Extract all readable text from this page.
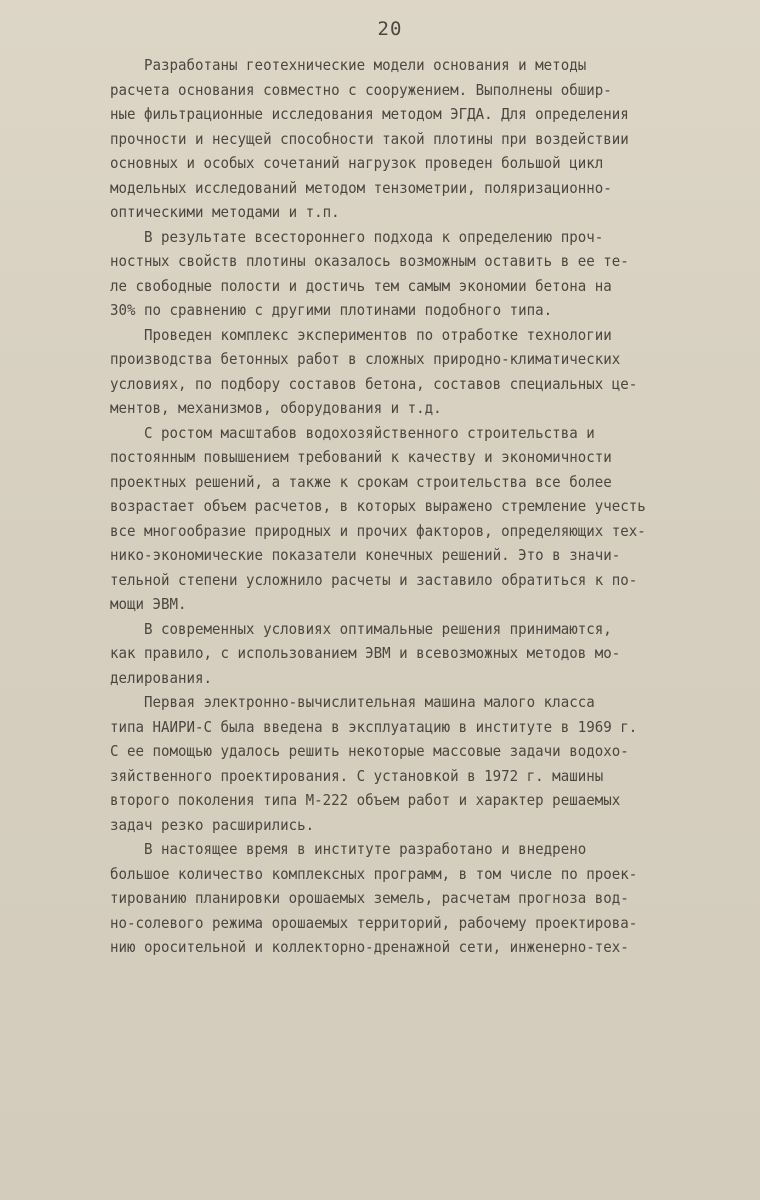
20
Разработаны геотехнические модели основания и методы
расчета основания совместно с сооружением. Выполнены обшир-
ные фильтрационные исследования методом ЭГДА. Для определения
прочности и несущей способности такой плотины при воздействии
основных и особых сочетаний нагрузок проведен большой цикл
модельных исследований методом тензометрии, поляризационно-
оптическими методами и т.п.
В результате всестороннего подхода к определению проч-
ностных свойств плотины оказалось возможным оставить в ее те-
ле свободные полости и достичь тем самым экономии бетона на
30% по сравнению с другими плотинами подобного типа.
Проведен комплекс экспериментов по отработке технологии
производства бетонных работ в сложных природно-климатических
условиях, по подбору составов бетона, составов специальных це-
ментов, механизмов, оборудования и т.д.
С ростом масштабов водохозяйственного строительства и
постоянным повышением требований к качеству и экономичности
проектных решений, а также к срокам строительства все более
возрастает объем расчетов, в которых выражено стремление учесть
все многообразие природных и прочих факторов, определяющих тех-
нико-экономические показатели конечных решений. Это в значи-
тельной степени усложнило расчеты и заставило обратиться к по-
мощи ЭВМ.
В современных условиях оптимальные решения принимаются,
как правило, с использованием ЭВМ и всевозможных методов мо-
делирования.
Первая электронно-вычислительная машина малого класса
типа НАИРИ-С была введена в эксплуатацию в институте в 1969 г.
С ее помощью удалось решить некоторые массовые задачи водохо-
зяйственного проектирования. С установкой в 1972 г. машины
второго поколения типа М-222 объем работ и характер решаемых
задач резко расширились.
В настоящее время в институте разработано и внедрено
большое количество комплексных программ, в том числе по проек-
тированию планировки орошаемых земель, расчетам прогноза вод-
но-солевого режима орошаемых территорий, рабочему проектирова-
нию оросительной и коллекторно-дренажной сети, инженерно-тех-
